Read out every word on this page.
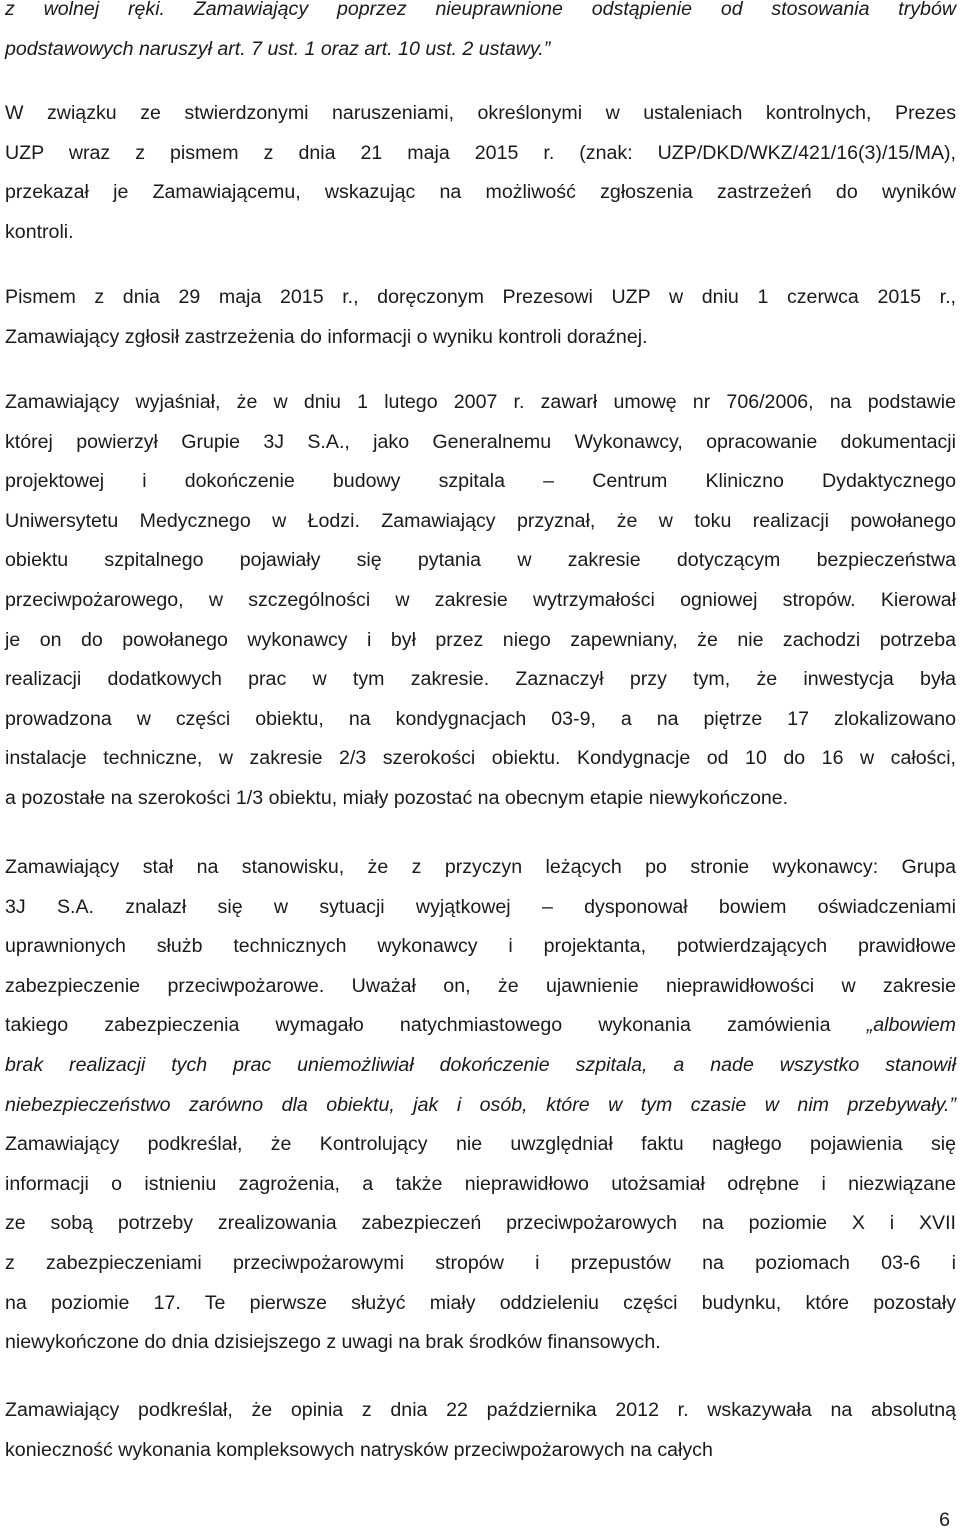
z wolnej ręki. Zamawiający poprzez nieuprawnione odstąpienie od stosowania trybów
podstawowych naruszył art. 7 ust. 1 oraz art. 10 ust. 2 ustawy.”
W związku ze stwierdzonymi naruszeniami, określonymi w ustaleniach kontrolnych, Prezes
UZP wraz z pismem z dnia 21 maja 2015 r. (znak: UZP/DKD/WKZ/421/16(3)/15/MA),
przekazał je Zamawiającemu, wskazując na możliwość zgłoszenia zastrzeżeń do wyników
kontroli.
Pismem z dnia 29 maja 2015 r., doręczonym Prezesowi UZP w dniu 1 czerwca 2015 r.,
Zamawiający zgłosił zastrzeżenia do informacji o wyniku kontroli doraźnej.
Zamawiający wyjaśniał, że w dniu 1 lutego 2007 r. zawarł umowę nr 706/2006, na podstawie
której powierzył Grupie 3J S.A., jako Generalnemu Wykonawcy, opracowanie dokumentacji
projektowej i dokończenie budowy szpitala – Centrum Kliniczno Dydaktycznego
Uniwersytetu Medycznego w Łodzi. Zamawiający przyznał, że w toku realizacji powołanego
obiektu szpitalnego pojawiały się pytania w zakresie dotyczącym bezpieczeństwa
przeciwpożarowego, w szczególności w zakresie wytrzymałości ogniowej stropów. Kierował
je on do powołanego wykonawcy i był przez niego zapewniany, że nie zachodzi potrzeba
realizacji dodatkowych prac w tym zakresie. Zaznaczył przy tym, że inwestycja była
prowadzona w części obiektu, na kondygnacjach 03-9, a na piętrze 17 zlokalizowano
instalacje techniczne, w zakresie 2/3 szerokości obiektu. Kondygnacje od 10 do 16 w całości,
a pozostałe na szerokości 1/3 obiektu, miały pozostać na obecnym etapie niewykończone.
Zamawiający stał na stanowisku, że z przyczyn leżących po stronie wykonawcy: Grupa
3J S.A. znalazł się w sytuacji wyjątkowej – dysponował bowiem oświadczeniami
uprawnionych służb technicznych wykonawcy i projektanta, potwierdzających prawidłowe
zabezpieczenie przeciwpożarowe. Uważał on, że ujawnienie nieprawidłowości w zakresie
takiego zabezpieczenia wymagało natychmiastowego wykonania zamówienia „albowiem
brak realizacji tych prac uniemożliwiał dokończenie szpitala, a nade wszystko stanowił
niebezpieczeństwo zarówno dla obiektu, jak i osób, które w tym czasie w nim przebywały.”
Zamawiający podkreślał, że Kontrolujący nie uwzględniał faktu nagłego pojawienia się
informacji o istnieniu zagrożenia, a także nieprawidłowo utożsamiał odrębne i niezwiązane
ze sobą potrzeby zrealizowania zabezpieczeń przeciwpożarowych na poziomie X i XVII
z zabezpieczeniami przeciwpożarowymi stropów i przepustów na poziomach 03-6 i
na poziomie 17. Te pierwsze służyć miały oddzieleniu części budynku, które pozostały
niewykończone do dnia dzisiejszego z uwagi na brak środków finansowych.
Zamawiający podkreślał, że opinia z dnia 22 października 2012 r. wskazywała na absolutną
konieczność wykonania kompleksowych natrysków przeciwpożarowych na całych

6
